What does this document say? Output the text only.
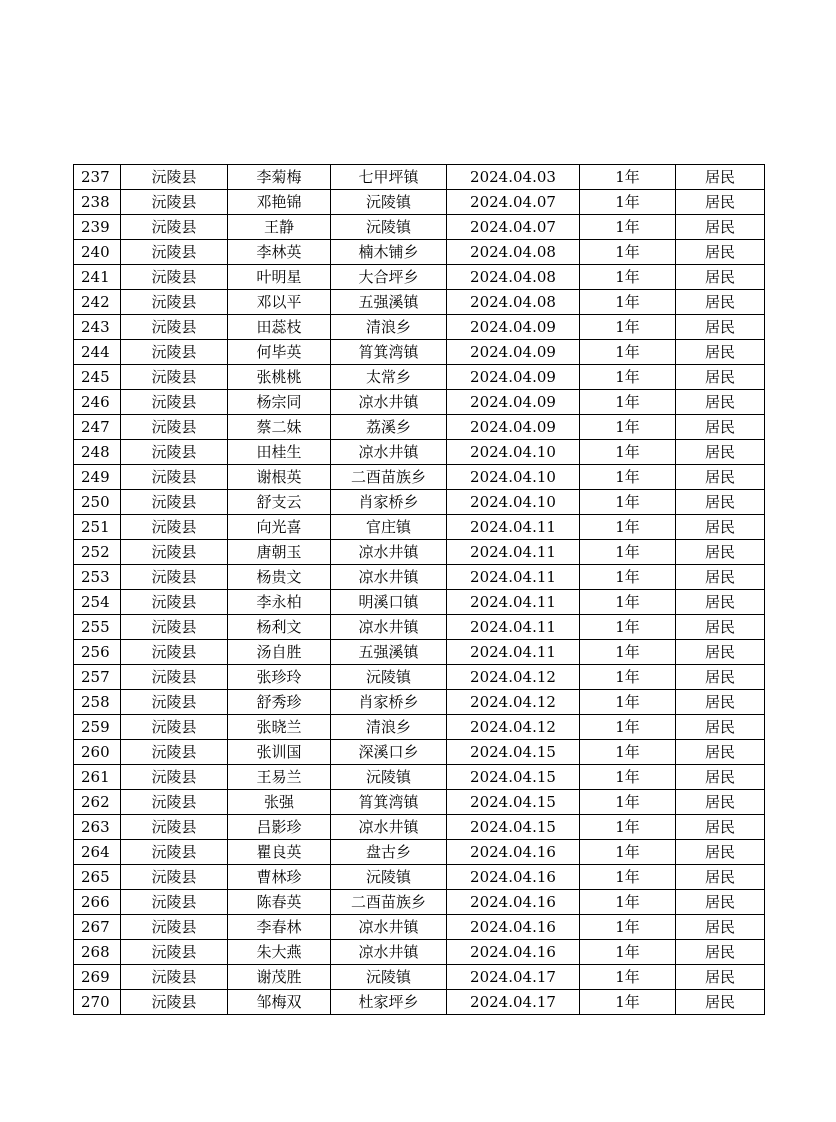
237	沅陵县	李菊梅	七甲坪镇	2024.04.03	1年	居民
238	沅陵县	邓艳锦	沅陵镇	2024.04.07	1年	居民
239	沅陵县	王静	沅陵镇	2024.04.07	1年	居民
240	沅陵县	李林英	楠木铺乡	2024.04.08	1年	居民
241	沅陵县	叶明星	大合坪乡	2024.04.08	1年	居民
242	沅陵县	邓以平	五强溪镇	2024.04.08	1年	居民
243	沅陵县	田蕊枝	清浪乡	2024.04.09	1年	居民
244	沅陵县	何毕英	筲箕湾镇	2024.04.09	1年	居民
245	沅陵县	张桃桃	太常乡	2024.04.09	1年	居民
246	沅陵县	杨宗同	凉水井镇	2024.04.09	1年	居民
247	沅陵县	蔡二妹	荔溪乡	2024.04.09	1年	居民
248	沅陵县	田桂生	凉水井镇	2024.04.10	1年	居民
249	沅陵县	谢根英	二酉苗族乡	2024.04.10	1年	居民
250	沅陵县	舒支云	肖家桥乡	2024.04.10	1年	居民
251	沅陵县	向光喜	官庄镇	2024.04.11	1年	居民
252	沅陵县	唐朝玉	凉水井镇	2024.04.11	1年	居民
253	沅陵县	杨贵文	凉水井镇	2024.04.11	1年	居民
254	沅陵县	李永柏	明溪口镇	2024.04.11	1年	居民
255	沅陵县	杨利文	凉水井镇	2024.04.11	1年	居民
256	沅陵县	汤自胜	五强溪镇	2024.04.11	1年	居民
257	沅陵县	张珍玲	沅陵镇	2024.04.12	1年	居民
258	沅陵县	舒秀珍	肖家桥乡	2024.04.12	1年	居民
259	沅陵县	张晓兰	清浪乡	2024.04.12	1年	居民
260	沅陵县	张训国	深溪口乡	2024.04.15	1年	居民
261	沅陵县	王易兰	沅陵镇	2024.04.15	1年	居民
262	沅陵县	张强	筲箕湾镇	2024.04.15	1年	居民
263	沅陵县	吕影珍	凉水井镇	2024.04.15	1年	居民
264	沅陵县	瞿良英	盘古乡	2024.04.16	1年	居民
265	沅陵县	曹林珍	沅陵镇	2024.04.16	1年	居民
266	沅陵县	陈春英	二酉苗族乡	2024.04.16	1年	居民
267	沅陵县	李春林	凉水井镇	2024.04.16	1年	居民
268	沅陵县	朱大燕	凉水井镇	2024.04.16	1年	居民
269	沅陵县	谢茂胜	沅陵镇	2024.04.17	1年	居民
270	沅陵县	邹梅双	杜家坪乡	2024.04.17	1年	居民
